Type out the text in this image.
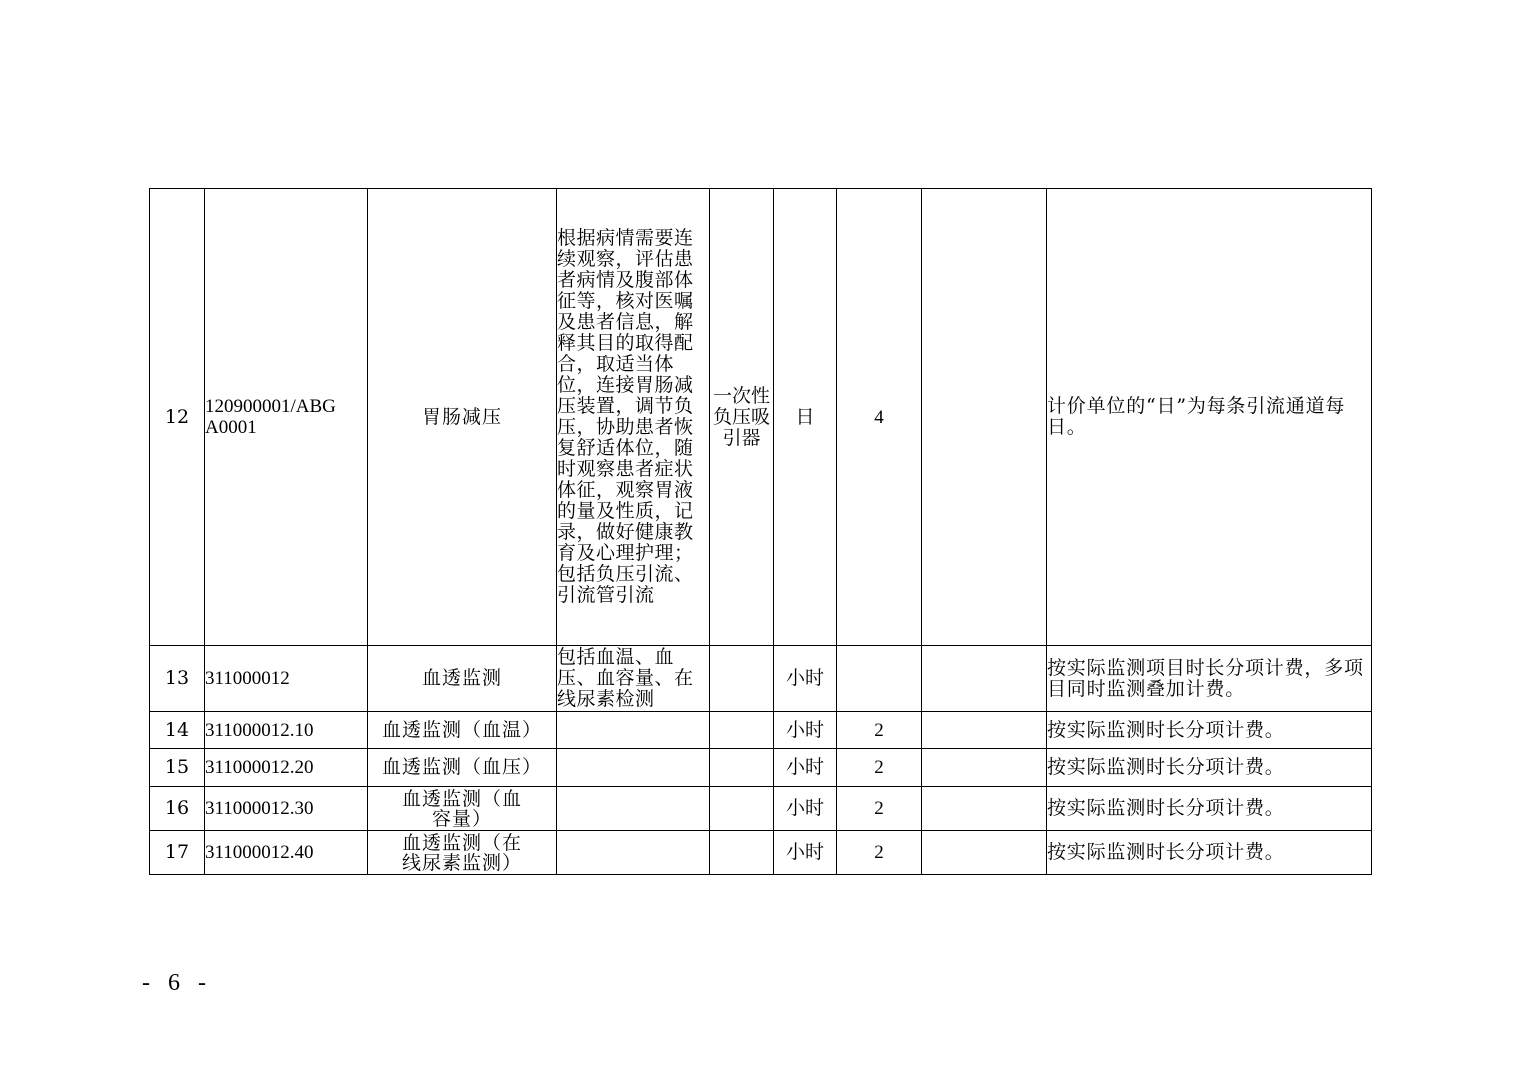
12	120900001/ABGA0001	胃肠减压	根据病情需要连续观察，评估患者病情及腹部体征等，核对医嘱及患者信息，解释其目的取得配合，取适当体位，连接胃肠减压装置，调节负压，协助患者恢复舒适体位，随时观察患者症状体征，观察胃液的量及性质，记录，做好健康教育及心理护理；包括负压引流、引流管引流	一次性负压吸引器	日	4		计价单位的“日”为每条引流通道每日。
13	311000012	血透监测	包括血温、血压、血容量、在线尿素检测		小时			按实际监测项目时长分项计费，多项目同时监测叠加计费。
14	311000012.10	血透监测（血温）			小时	2		按实际监测时长分项计费。
15	311000012.20	血透监测（血压）			小时	2		按实际监测时长分项计费。
16	311000012.30	血透监测（血容量）			小时	2		按实际监测时长分项计费。
17	311000012.40	血透监测（在线尿素监测）			小时	2		按实际监测时长分项计费。
- 6 -
